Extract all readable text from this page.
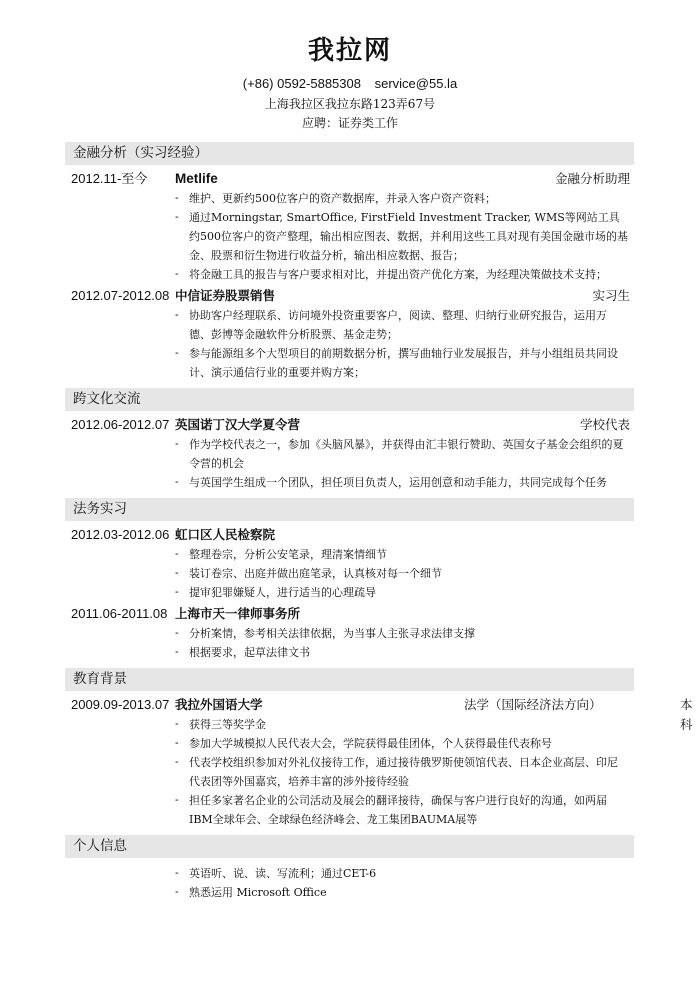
我拉网
(+86) 0592-5885308 service@55.la
上海我拉区我拉东路123弄67号
应聘：证券类工作
金融分析（实习经验）
2012.11-至今 Metlife	金融分析助理
- 维护、更新约500位客户的资产数据库，并录入客户资产资料；
- 通过Morningstar, SmartOffice, FirstField Investment Tracker, WMS等网站工具约500位客户的资产整理，输出相应图表、数据，并利用这些工具对现有美国金融市场的基金、股票和衍生物进行收益分析，输出相应数据、报告；
- 将金融工具的报告与客户要求相对比，并提出资产优化方案，为经理决策做技术支持；
2012.07-2012.08 中信证券股票销售	实习生
- 协助客户经理联系、访问境外投资重要客户，阅读、整理、归纳行业研究报告，运用万德、彭博等金融软件分析股票、基金走势；
- 参与能源组多个大型项目的前期数据分析，撰写曲轴行业发展报告，并与小组组员共同设计、演示通信行业的重要并购方案；
跨文化交流
2012.06-2012.07 英国诺丁汉大学夏令营	学校代表
- 作为学校代表之一，参加《头脑风暴》，并获得由汇丰银行赞助、英国女子基金会组织的夏令营的机会
- 与英国学生组成一个团队，担任项目负责人，运用创意和动手能力，共同完成每个任务
法务实习
2012.03-2012.06 虹口区人民检察院
- 整理卷宗，分析公安笔录，理清案情细节
- 装订卷宗、出庭并做出庭笔录，认真核对每一个细节
- 提审犯罪嫌疑人，进行适当的心理疏导
2011.06-2011.08 上海市天一律师事务所
- 分析案情，参考相关法律依据，为当事人主张寻求法律支撑
- 根据要求，起草法律文书
教育背景
2009.09-2013.07 我拉外国语大学	法学（国际经济法方向）	本科
- 获得三等奖学金
- 参加大学城模拟人民代表大会，学院获得最佳团体，个人获得最佳代表称号
- 代表学校组织参加对外礼仪接待工作，通过接待俄罗斯使领馆代表、日本企业高层、印尼代表团等外国嘉宾，培养丰富的涉外接待经验
- 担任多家著名企业的公司活动及展会的翻译接待，确保与客户进行良好的沟通，如两届IBM全球年会、全球绿色经济峰会、龙工集团BAUMA展等
个人信息
- 英语听、说、读、写流利；通过CET-6
- 熟悉运用 Microsoft Office
